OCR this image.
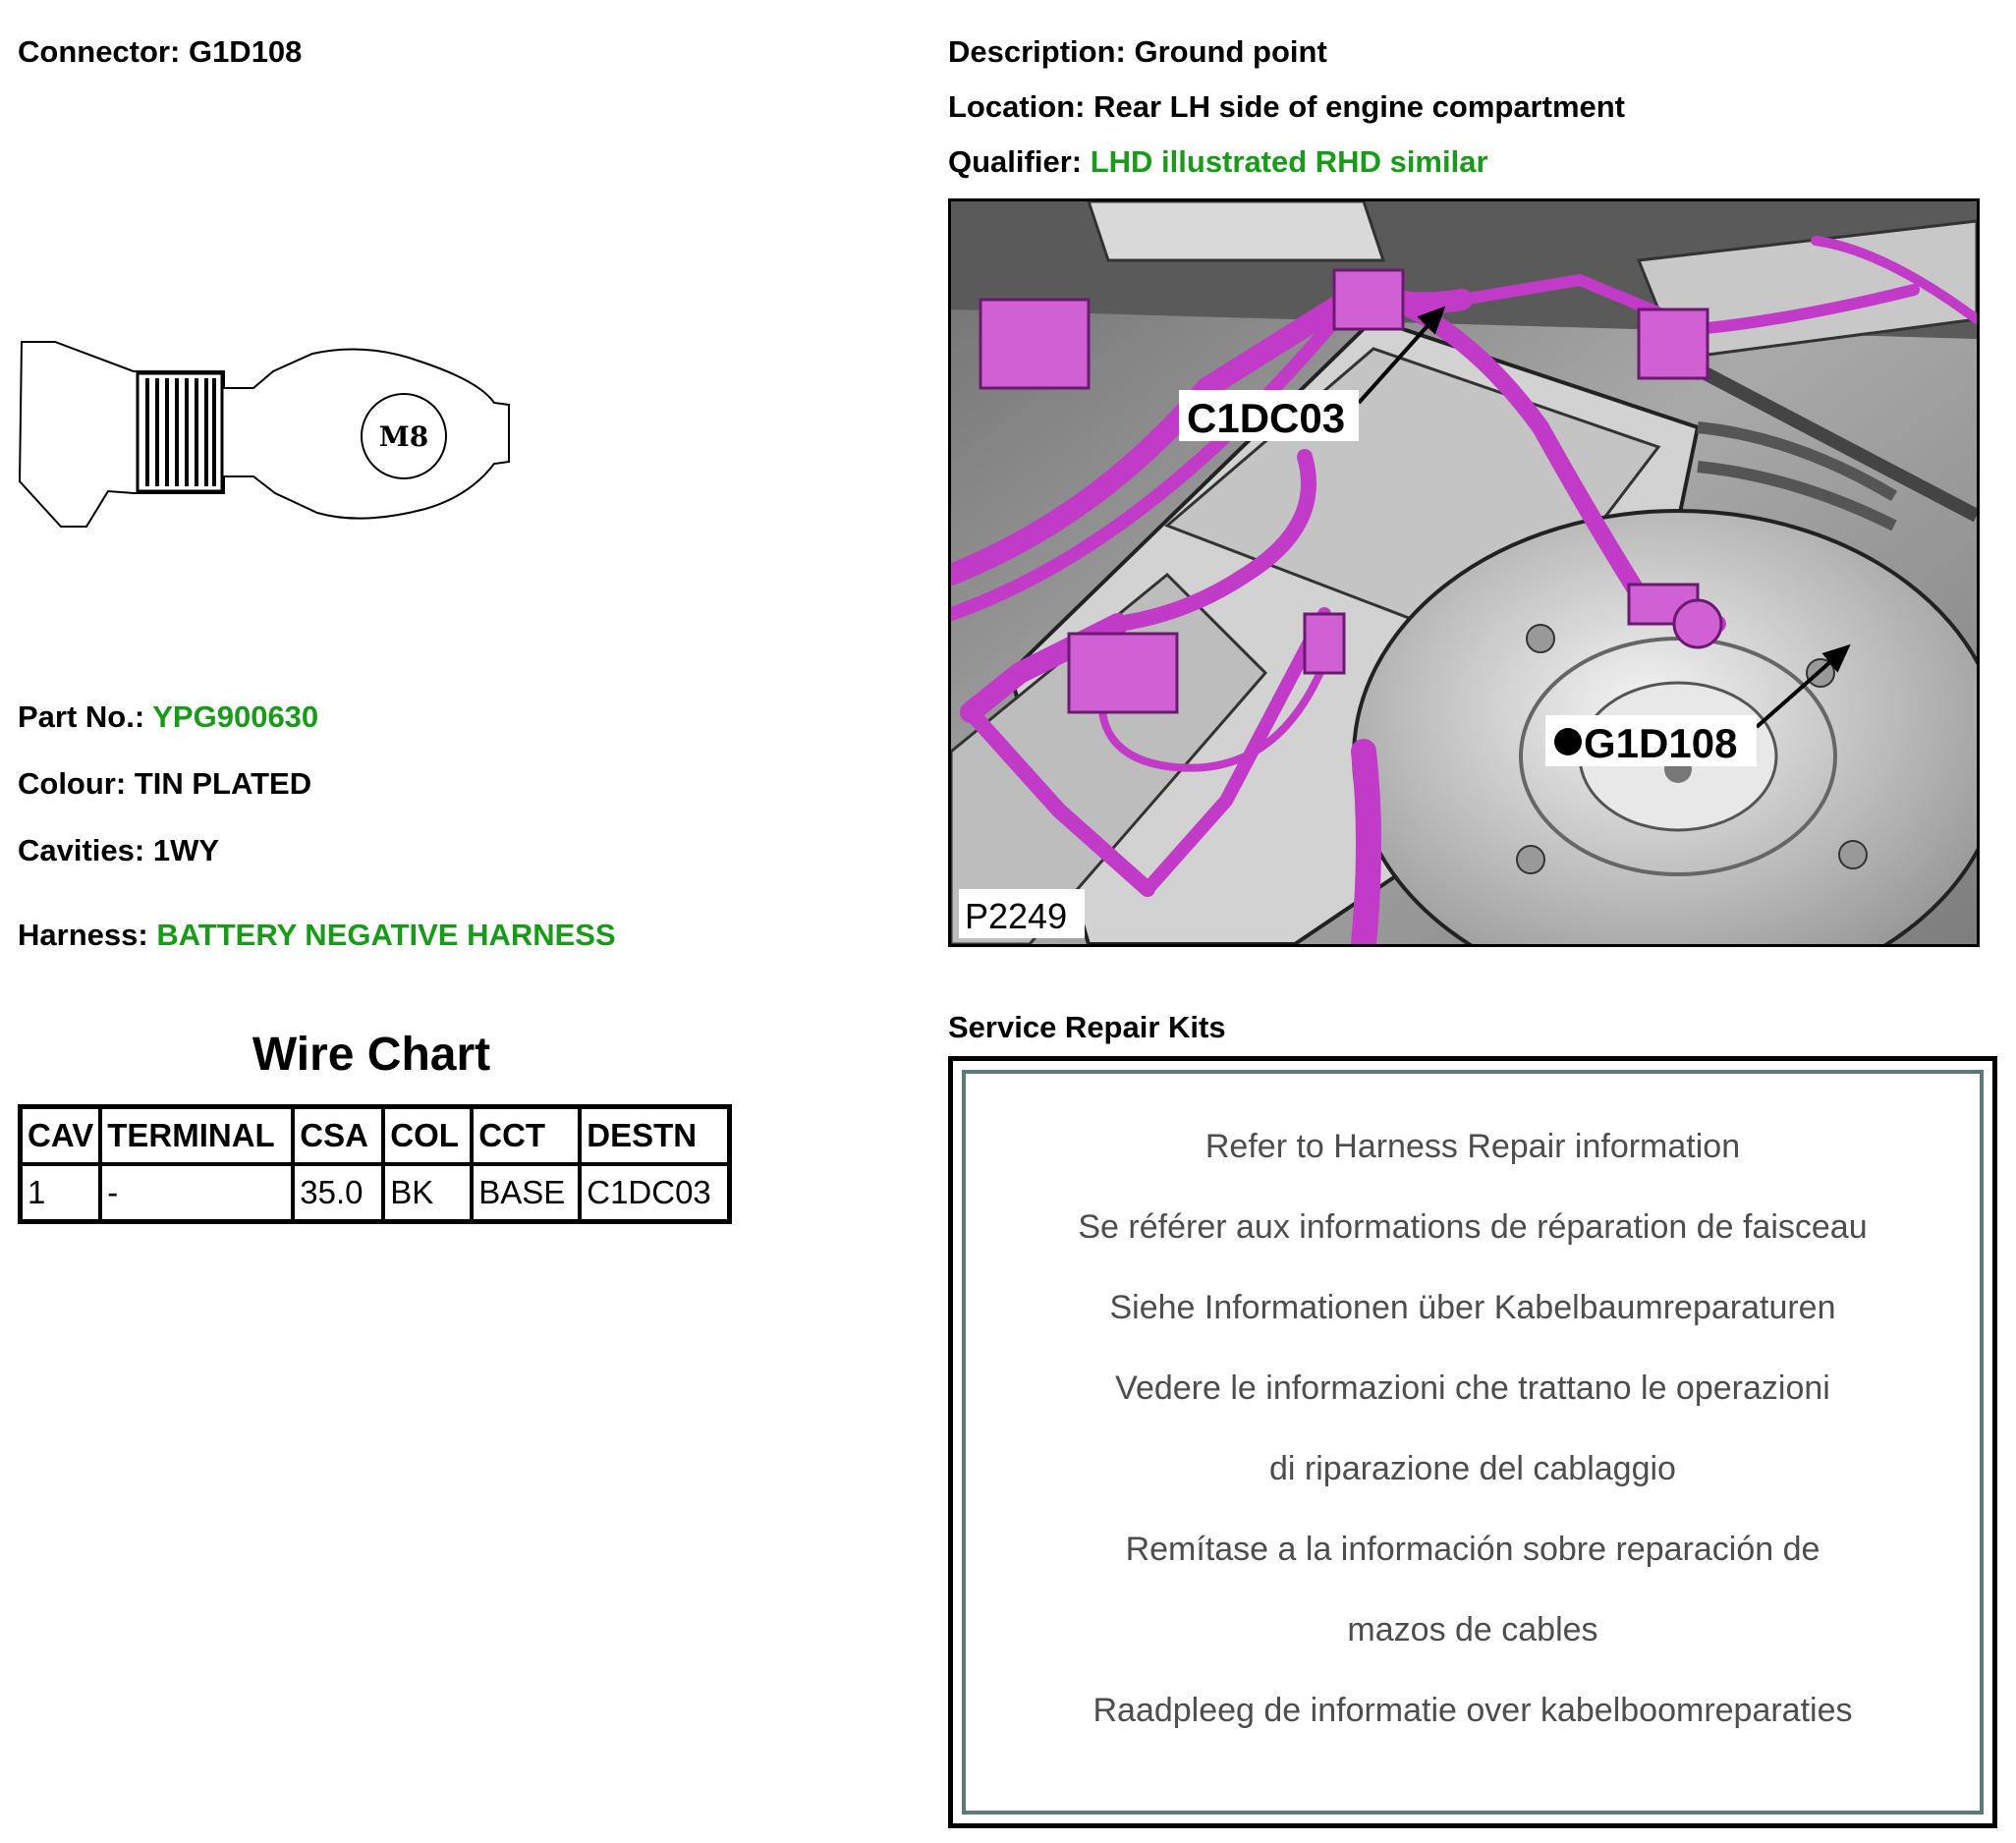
Connector: G1D108
M8
Part No.: YPG900630
Colour: TIN PLATED
Cavities: 1WY
Harness: BATTERY NEGATIVE HARNESS
Wire Chart
CAV	TERMINAL	CSA	COL	CCT	DESTN
1	-	35.0	BK	BASE	C1DC03
Description: Ground point
Location: Rear LH side of engine compartment
Qualifier: LHD illustrated RHD similar
C1DC03
G1D108
P2249
Service Repair Kits
Refer to Harness Repair information
Se référer aux informations de réparation de faisceau
Siehe Informationen über Kabelbaumreparaturen
Vedere le informazioni che trattano le operazioni
di riparazione del cablaggio
Remítase a la información sobre reparación de
mazos de cables
Raadpleeg de informatie over kabelboomreparaties
